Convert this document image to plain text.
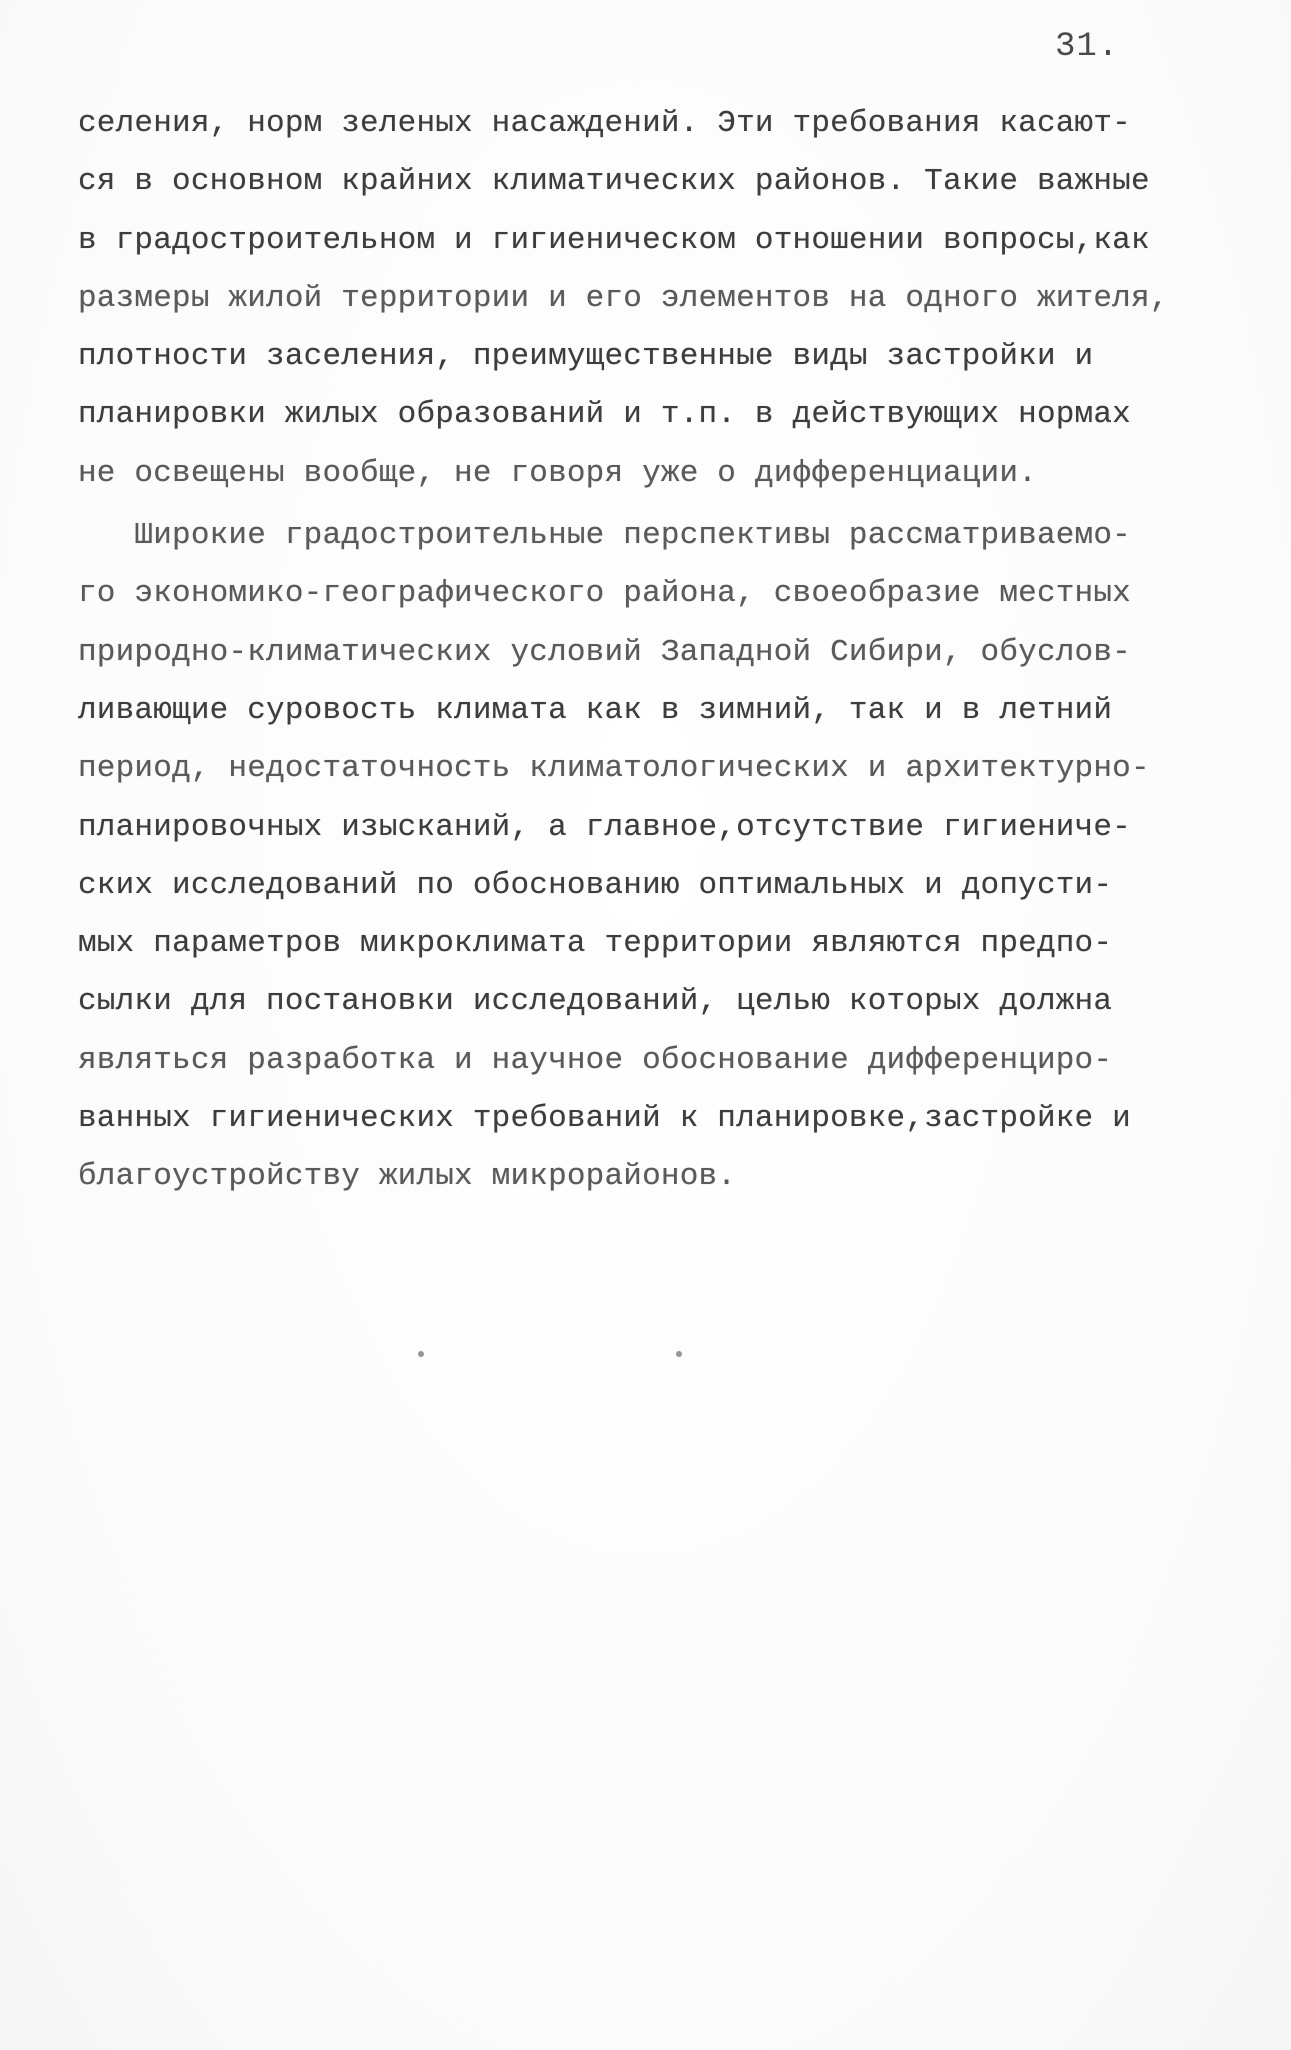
31.
селения, норм зеленых насаждений. Эти требования касают-
ся в основном крайних климатических районов. Такие важные
в градостроительном и гигиеническом отношении вопросы,как
размеры жилой территории и его элементов на одного жителя,
плотности заселения, преимущественные виды застройки и
планировки жилых образований и т.п. в действующих нормах
не освещены вообще, не говоря уже о дифференциации.
Широкие градостроительные перспективы рассматриваемо-
го экономико-географического района, своеобразие местных
природно-климатических условий Западной Сибири, обуслов-
ливающие суровость климата как в зимний, так и в летний
период, недостаточность климатологических и архитектурно-
планировочных изысканий, а главное,отсутствие гигиениче-
ских исследований по обоснованию оптимальных и допусти-
мых параметров микроклимата территории являются предпо-
сылки для постановки исследований, целью которых должна
являться разработка и научное обоснование дифференциро-
ванных гигиенических требований к планировке,застройке и
благоустройству жилых микрорайонов.
